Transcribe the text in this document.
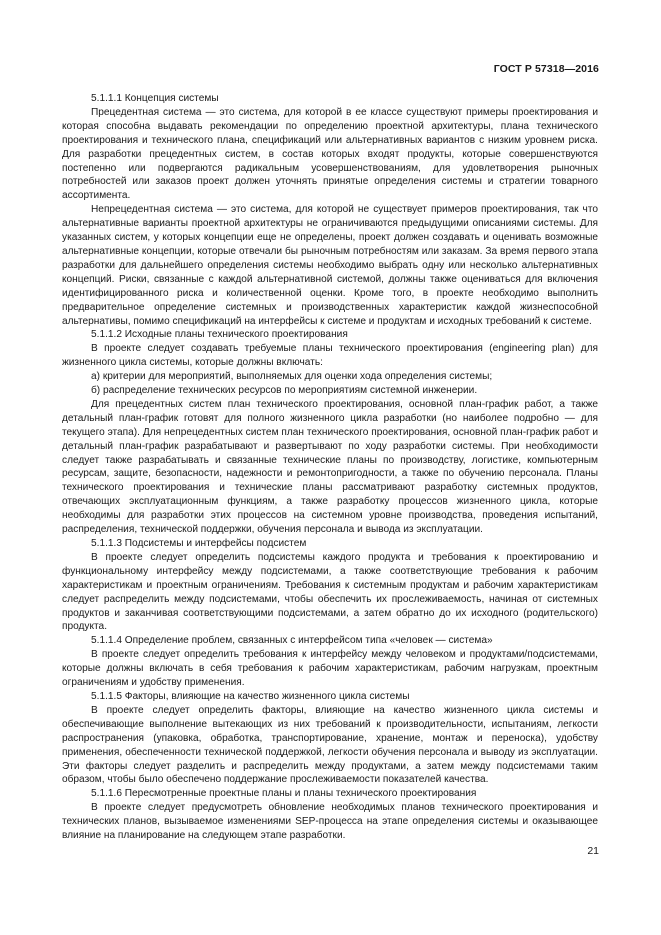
ГОСТ Р 57318—2016

5.1.1.1 Концепция системы

Прецедентная система — это система, для которой в ее классе существуют примеры проектирования и которая способна выдавать рекомендации по определению проектной архитектуры, плана технического проектирования и технического плана, спецификаций или альтернативных вариантов с низким уровнем риска. Для разработки прецедентных систем, в состав которых входят продукты, которые совершенствуются постепенно или подвергаются радикальным усовершенствованиям, для удовлетворения рыночных потребностей или заказов проект должен уточнять принятые определения системы и стратегии товарного ассортимента.

Непрецедентная система — это система, для которой не существует примеров проектирования, так что альтернативные варианты проектной архитектуры не ограничиваются предыдущими описаниями системы. Для указанных систем, у которых концепции еще не определены, проект должен создавать и оценивать возможные альтернативные концепции, которые отвечали бы рыночным потребностям или заказам. За время первого этапа разработки для дальнейшего определения системы необходимо выбрать одну или несколько альтернативных концепций. Риски, связанные с каждой альтернативной системой, должны также оцениваться для включения идентифицированного риска и количественной оценки. Кроме того, в проекте необходимо выполнить предварительное определение системных и производственных характеристик каждой жизнеспособной альтернативы, помимо спецификаций на интерфейсы к системе и продуктам и исходных требований к системе.

5.1.1.2 Исходные планы технического проектирования

В проекте следует создавать требуемые планы технического проектирования (engineering plan) для жизненного цикла системы, которые должны включать:

а) критерии для мероприятий, выполняемых для оценки хода определения системы;

б) распределение технических ресурсов по мероприятиям системной инженерии.

Для прецедентных систем план технического проектирования, основной план-график работ, а также детальный план-график готовят для полного жизненного цикла разработки (но наиболее подробно — для текущего этапа). Для непрецедентных систем план технического проектирования, основной план-график работ и детальный план-график разрабатывают и развертывают по ходу разработки системы. При необходимости следует также разрабатывать и связанные технические планы по производству, логистике, компьютерным ресурсам, защите, безопасности, надежности и ремонтопригодности, а также по обучению персонала. Планы технического проектирования и технические планы рассматривают разработку системных продуктов, отвечающих эксплуатационным функциям, а также разработку процессов жизненного цикла, которые необходимы для разработки этих процессов на системном уровне производства, проведения испытаний, распределения, технической поддержки, обучения персонала и вывода из эксплуатации.

5.1.1.3 Подсистемы и интерфейсы подсистем

В проекте следует определить подсистемы каждого продукта и требования к проектированию и функциональному интерфейсу между подсистемами, а также соответствующие требования к рабочим характеристикам и проектным ограничениям. Требования к системным продуктам и рабочим характеристикам следует распределить между подсистемами, чтобы обеспечить их прослеживаемость, начиная от системных продуктов и заканчивая соответствующими подсистемами, а затем обратно до их исходного (родительского) продукта.

5.1.1.4 Определение проблем, связанных с интерфейсом типа «человек — система»

В проекте следует определить требования к интерфейсу между человеком и продуктами/подсистемами, которые должны включать в себя требования к рабочим характеристикам, рабочим нагрузкам, проектным ограничениям и удобству применения.

5.1.1.5 Факторы, влияющие на качество жизненного цикла системы

В проекте следует определить факторы, влияющие на качество жизненного цикла системы и обеспечивающие выполнение вытекающих из них требований к производительности, испытаниям, легкости распространения (упаковка, обработка, транспортирование, хранение, монтаж и переноска), удобству применения, обеспеченности технической поддержкой, легкости обучения персонала и выводу из эксплуатации. Эти факторы следует разделить и распределить между продуктами, а затем между подсистемами таким образом, чтобы было обеспечено поддержание прослеживаемости показателей качества.

5.1.1.6 Пересмотренные проектные планы и планы технического проектирования

В проекте следует предусмотреть обновление необходимых планов технического проектирования и технических планов, вызываемое изменениями SEP-процесса на этапе определения системы и оказывающее влияние на планирование на следующем этапе разработки.

21
